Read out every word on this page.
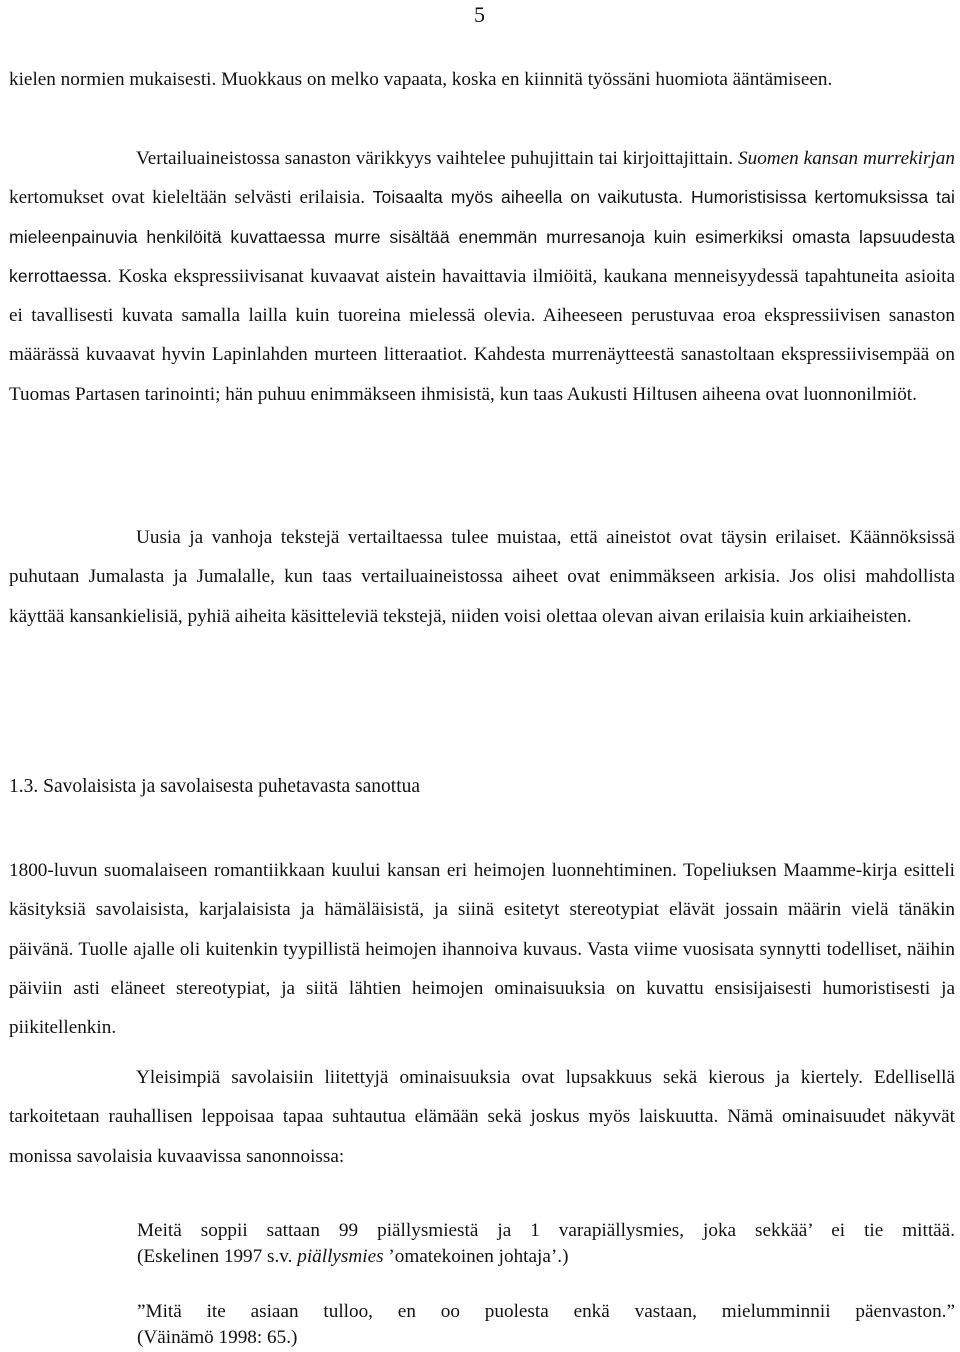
5

kielen normien mukaisesti. Muokkaus on melko vapaata, koska en kiinnitä työssäni huomiota ääntämiseen.

Vertailuaineistossa sanaston värikkyys vaihtelee puhujittain tai kirjoittajittain. Suomen kansan murrekirjan kertomukset ovat kieleltään selvästi erilaisia. Toisaalta myös aiheella on vaikutusta. Humoristisissa kertomuksissa tai mieleenpainuvia henkilöitä kuvattaessa murre sisältää enemmän murresanoja kuin esimerkiksi omasta lapsuudesta kerrottaessa. Koska ekspressiivisanat kuvaavat aistein havaittavia ilmiöitä, kaukana menneisyydessä tapahtuneita asioita ei tavallisesti kuvata samalla lailla kuin tuoreina mielessä olevia. Aiheeseen perustuvaa eroa ekspressiivisen sanaston määrässä kuvaavat hyvin Lapinlahden murteen litteraatiot. Kahdesta murrenäytteestä sanastoltaan ekspressiivisempää on Tuomas Partasen tarinointi; hän puhuu enimmäkseen ihmisistä, kun taas Aukusti Hiltusen aiheena ovat luonnonilmiöt.

Uusia ja vanhoja tekstejä vertailtaessa tulee muistaa, että aineistot ovat täysin erilaiset. Käännöksissä puhutaan Jumalasta ja Jumalalle, kun taas vertailuaineistossa aiheet ovat enimmäkseen arkisia. Jos olisi mahdollista käyttää kansankielisiä, pyhiä aiheita käsitteleviä tekstejä, niiden voisi olettaa olevan aivan erilaisia kuin arkiaiheisten.

1.3. Savolaisista ja savolaisesta puhetavasta sanottua

1800-luvun suomalaiseen romantiikkaan kuului kansan eri heimojen luonnehtiminen. Topeliuksen Maamme-kirja esitteli käsityksiä savolaisista, karjalaisista ja hämäläisistä, ja siinä esitetyt stereotypiat elävät jossain määrin vielä tänäkin päivänä. Tuolle ajalle oli kuitenkin tyypillistä heimojen ihannoiva kuvaus. Vasta viime vuosisata synnytti todelliset, näihin päiviin asti eläneet stereotypiat, ja siitä lähtien heimojen ominaisuuksia on kuvattu ensisijaisesti humoristisesti ja piikitellenkin.

Yleisimpiä savolaisiin liitettyjä ominaisuuksia ovat lupsakkuus sekä kierous ja kiertely. Edellisellä tarkoitetaan rauhallisen leppoisaa tapaa suhtautua elämään sekä joskus myös laiskuutta. Nämä ominaisuudet näkyvät monissa savolaisia kuvaavissa sanonnoissa:

Meitä soppii sattaan 99 piällysmiestä ja 1 varapiällysmies, joka sekkää’ ei tie mittää.
(Eskelinen 1997 s.v. piällysmies ’omatekoinen johtaja’.)
”Mitä ite asiaan tulloo, en oo puolesta enkä vastaan, mielumminnii päenvaston.”
(Väinämö 1998: 65.)
